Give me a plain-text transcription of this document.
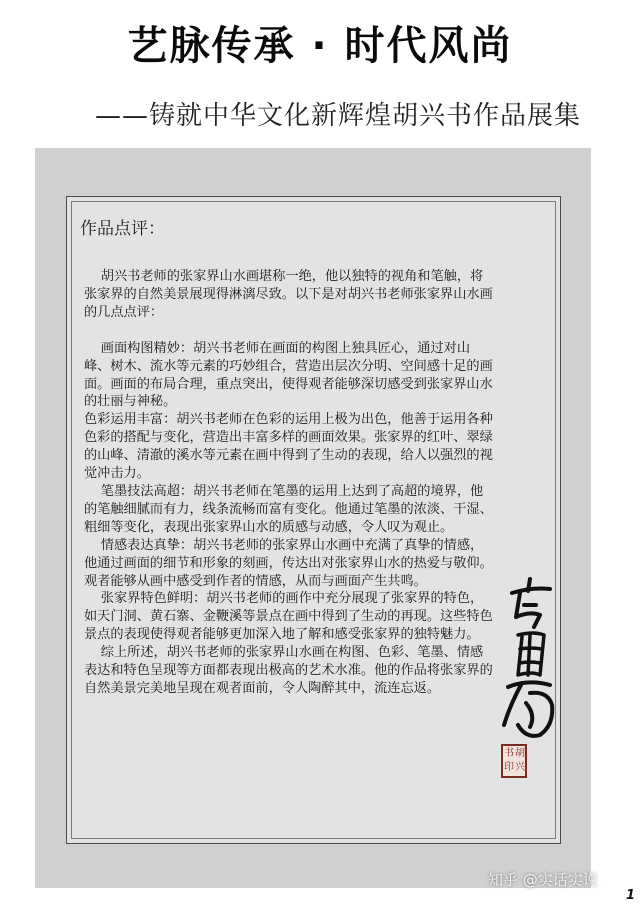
艺脉传承 · 时代风尚
——铸就中华文化新辉煌胡兴书作品展集
作品点评：

胡兴书老师的张家界山水画堪称一绝，他以独特的视角和笔触，将张家界的自然美景展现得淋漓尽致。以下是对胡兴书老师张家界山水画的几点点评：

画面构图精妙：胡兴书老师在画面的构图上独具匠心，通过对山峰、树木、流水等元素的巧妙组合，营造出层次分明、空间感十足的画面。画面的布局合理，重点突出，使得观者能够深切感受到张家界山水的壮丽与神秘。

色彩运用丰富：胡兴书老师在色彩的运用上极为出色，他善于运用各种色彩的搭配与变化，营造出丰富多样的画面效果。张家界的红叶、翠绿的山峰、清澈的溪水等元素在画中得到了生动的表现，给人以强烈的视觉冲击力。

笔墨技法高超：胡兴书老师在笔墨的运用上达到了高超的境界，他的笔触细腻而有力，线条流畅而富有变化。他通过笔墨的浓淡、干湿、粗细等变化，表现出张家界山水的质感与动感，令人叹为观止。

情感表达真挚：胡兴书老师的张家界山水画中充满了真挚的情感，他通过画面的细节和形象的刻画，传达出对张家界山水的热爱与敬仰。观者能够从画中感受到作者的情感，从而与画面产生共鸣。

张家界特色鲜明：胡兴书老师的画作中充分展现了张家界的特色，如天门洞、黄石寨、金鞭溪等景点在画中得到了生动的再现。这些特色景点的表现使得观者能够更加深入地了解和感受张家界的独特魅力。

综上所述，胡兴书老师的张家界山水画在构图、色彩、笔墨、情感表达和特色呈现等方面都表现出极高的艺术水准。他的作品将张家界的自然美景完美地呈现在观者面前，令人陶醉其中，流连忘返。

胡
兴
书
印
知乎 @实话实说
1
